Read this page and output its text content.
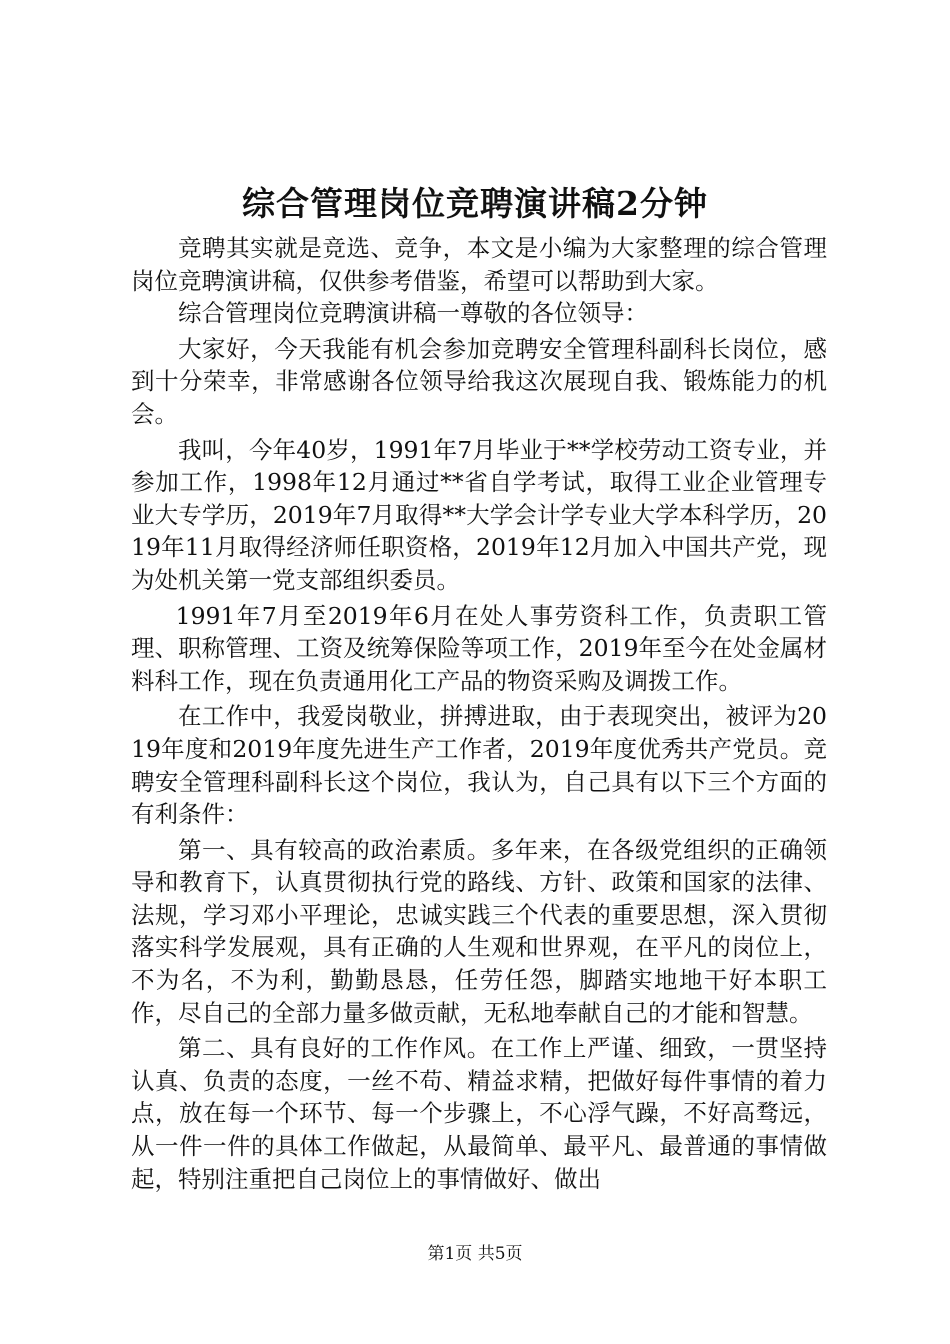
综合管理岗位竞聘演讲稿2分钟

竞聘其实就是竞选、竞争，本文是小编为大家整理的综合管理岗位竞聘演讲稿，仅供参考借鉴，希望可以帮助到大家。

综合管理岗位竞聘演讲稿一尊敬的各位领导：

大家好，今天我能有机会参加竞聘安全管理科副科长岗位，感到十分荣幸，非常感谢各位领导给我这次展现自我、锻炼能力的机会。

我叫，今年40岁，1991年7月毕业于**学校劳动工资专业，并参加工作，1998年12月通过**省自学考试，取得工业企业管理专业大专学历，2019年7月取得**大学会计学专业大学本科学历，2019年11月取得经济师任职资格，2019年12月加入中国共产党，现为处机关第一党支部组织委员。

1991年7月至2019年6月在处人事劳资科工作，负责职工管理、职称管理、工资及统筹保险等项工作，2019年至今在处金属材料科工作，现在负责通用化工产品的物资采购及调拨工作。

在工作中，我爱岗敬业，拼搏进取，由于表现突出，被评为2019年度和2019年度先进生产工作者，2019年度优秀共产党员。竞聘安全管理科副科长这个岗位，我认为，自己具有以下三个方面的有利条件：

第一、具有较高的政治素质。多年来，在各级党组织的正确领导和教育下，认真贯彻执行党的路线、方针、政策和国家的法律、法规，学习邓小平理论，忠诚实践三个代表的重要思想，深入贯彻落实科学发展观，具有正确的人生观和世界观，在平凡的岗位上，不为名，不为利，勤勤恳恳，任劳任怨，脚踏实地地干好本职工作，尽自己的全部力量多做贡献，无私地奉献自己的才能和智慧。

第二、具有良好的工作作风。在工作上严谨、细致，一贯坚持认真、负责的态度，一丝不苟、精益求精，把做好每件事情的着力点，放在每一个环节、每一个步骤上，不心浮气躁，不好高骛远，从一件一件的具体工作做起，从最简单、最平凡、最普通的事情做起，特别注重把自己岗位上的事情做好、做出

第1页 共5页
